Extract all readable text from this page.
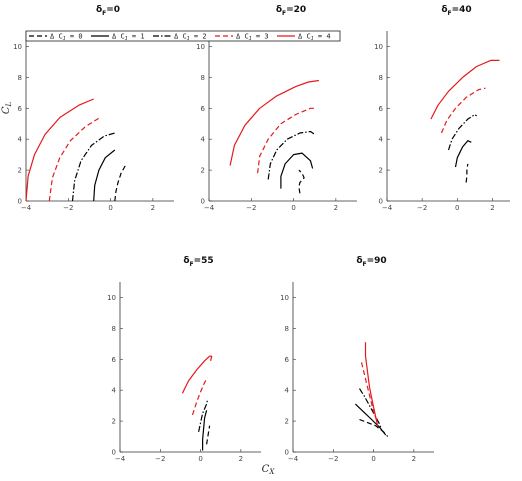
$C_L$
$C_X$
−4	−2	0	2
0
2
4
6
8
10
$\delta_F=0$
−4	−2	0	2
0
2
4
6
8
10
$\delta_F=20$
−4	−2	0	2
0
2
4
6
8
10
$\delta_F=40$
−4	−2	0	2
0
2
4
6
8
10
$\delta_F=55$
−4	−2	0	2
0
2
4
6
8
10
$\delta_F=90$
Δ $C_J = 0$	Δ $C_J = 1$	Δ $C_J = 2$	Δ $C_J = 3$	Δ $C_J = 4$
